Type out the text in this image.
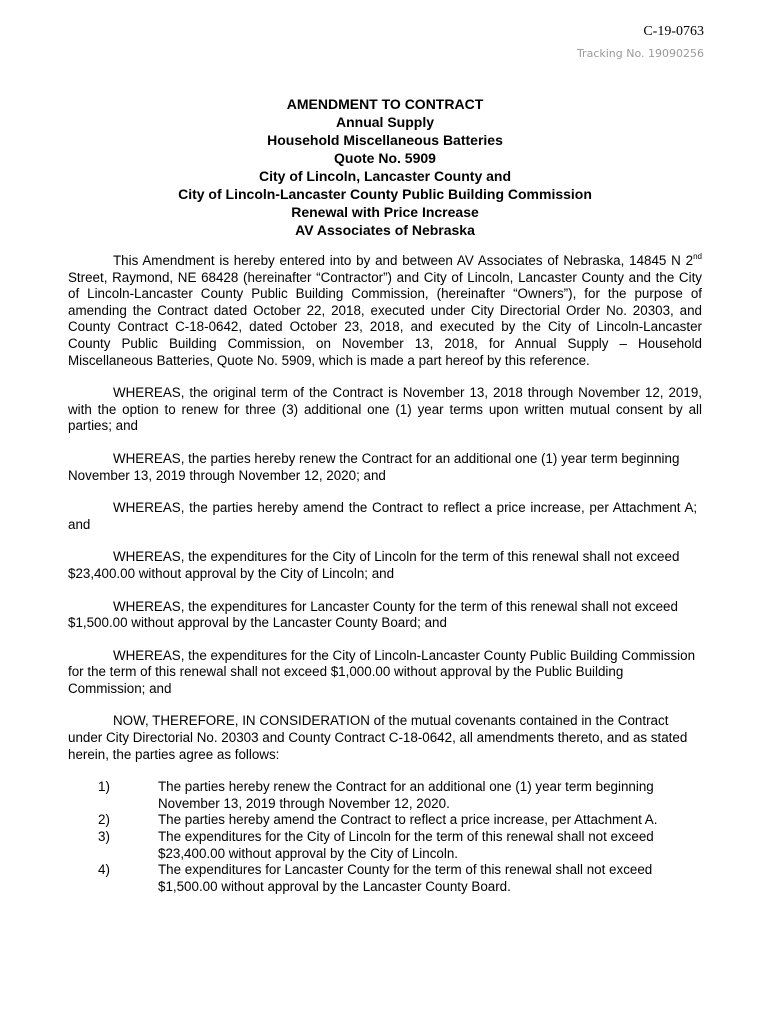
C-19-0763
Tracking No. 19090256
AMENDMENT TO CONTRACT
Annual Supply
Household Miscellaneous Batteries
Quote No. 5909
City of Lincoln, Lancaster County and
City of Lincoln-Lancaster County Public Building Commission
Renewal with Price Increase
AV Associates of Nebraska

This Amendment is hereby entered into by and between AV Associates of Nebraska, 14845 N 2nd Street, Raymond, NE 68428 (hereinafter “Contractor”) and City of Lincoln, Lancaster County and the City of Lincoln-Lancaster County Public Building Commission, (hereinafter “Owners”), for the purpose of amending the Contract dated October 22, 2018, executed under City Directorial Order No. 20303, and County Contract C-18-0642, dated October 23, 2018, and executed by the City of Lincoln-Lancaster County Public Building Commission, on November 13, 2018, for Annual Supply – Household Miscellaneous Batteries, Quote No. 5909, which is made a part hereof by this reference.

WHEREAS, the original term of the Contract is November 13, 2018 through November 12, 2019, with the option to renew for three (3) additional one (1) year terms upon written mutual consent by all parties; and

WHEREAS, the parties hereby renew the Contract for an additional one (1) year term beginning November 13, 2019 through November 12, 2020; and

WHEREAS, the parties hereby amend the Contract to reflect a price increase, per Attachment A; and

WHEREAS, the expenditures for the City of Lincoln for the term of this renewal shall not exceed $23,400.00 without approval by the City of Lincoln; and

WHEREAS, the expenditures for Lancaster County for the term of this renewal shall not exceed $1,500.00 without approval by the Lancaster County Board; and

WHEREAS, the expenditures for the City of Lincoln-Lancaster County Public Building Commission for the term of this renewal shall not exceed $1,000.00 without approval by the Public Building Commission; and

NOW, THEREFORE, IN CONSIDERATION of the mutual covenants contained in the Contract under City Directorial No. 20303 and County Contract C-18-0642, all amendments thereto, and as stated herein, the parties agree as follows:

1)	The parties hereby renew the Contract for an additional one (1) year term beginning November 13, 2019 through November 12, 2020.
2)	The parties hereby amend the Contract to reflect a price increase, per Attachment A.
3)	The expenditures for the City of Lincoln for the term of this renewal shall not exceed $23,400.00 without approval by the City of Lincoln.
4)	The expenditures for Lancaster County for the term of this renewal shall not exceed $1,500.00 without approval by the Lancaster County Board.
